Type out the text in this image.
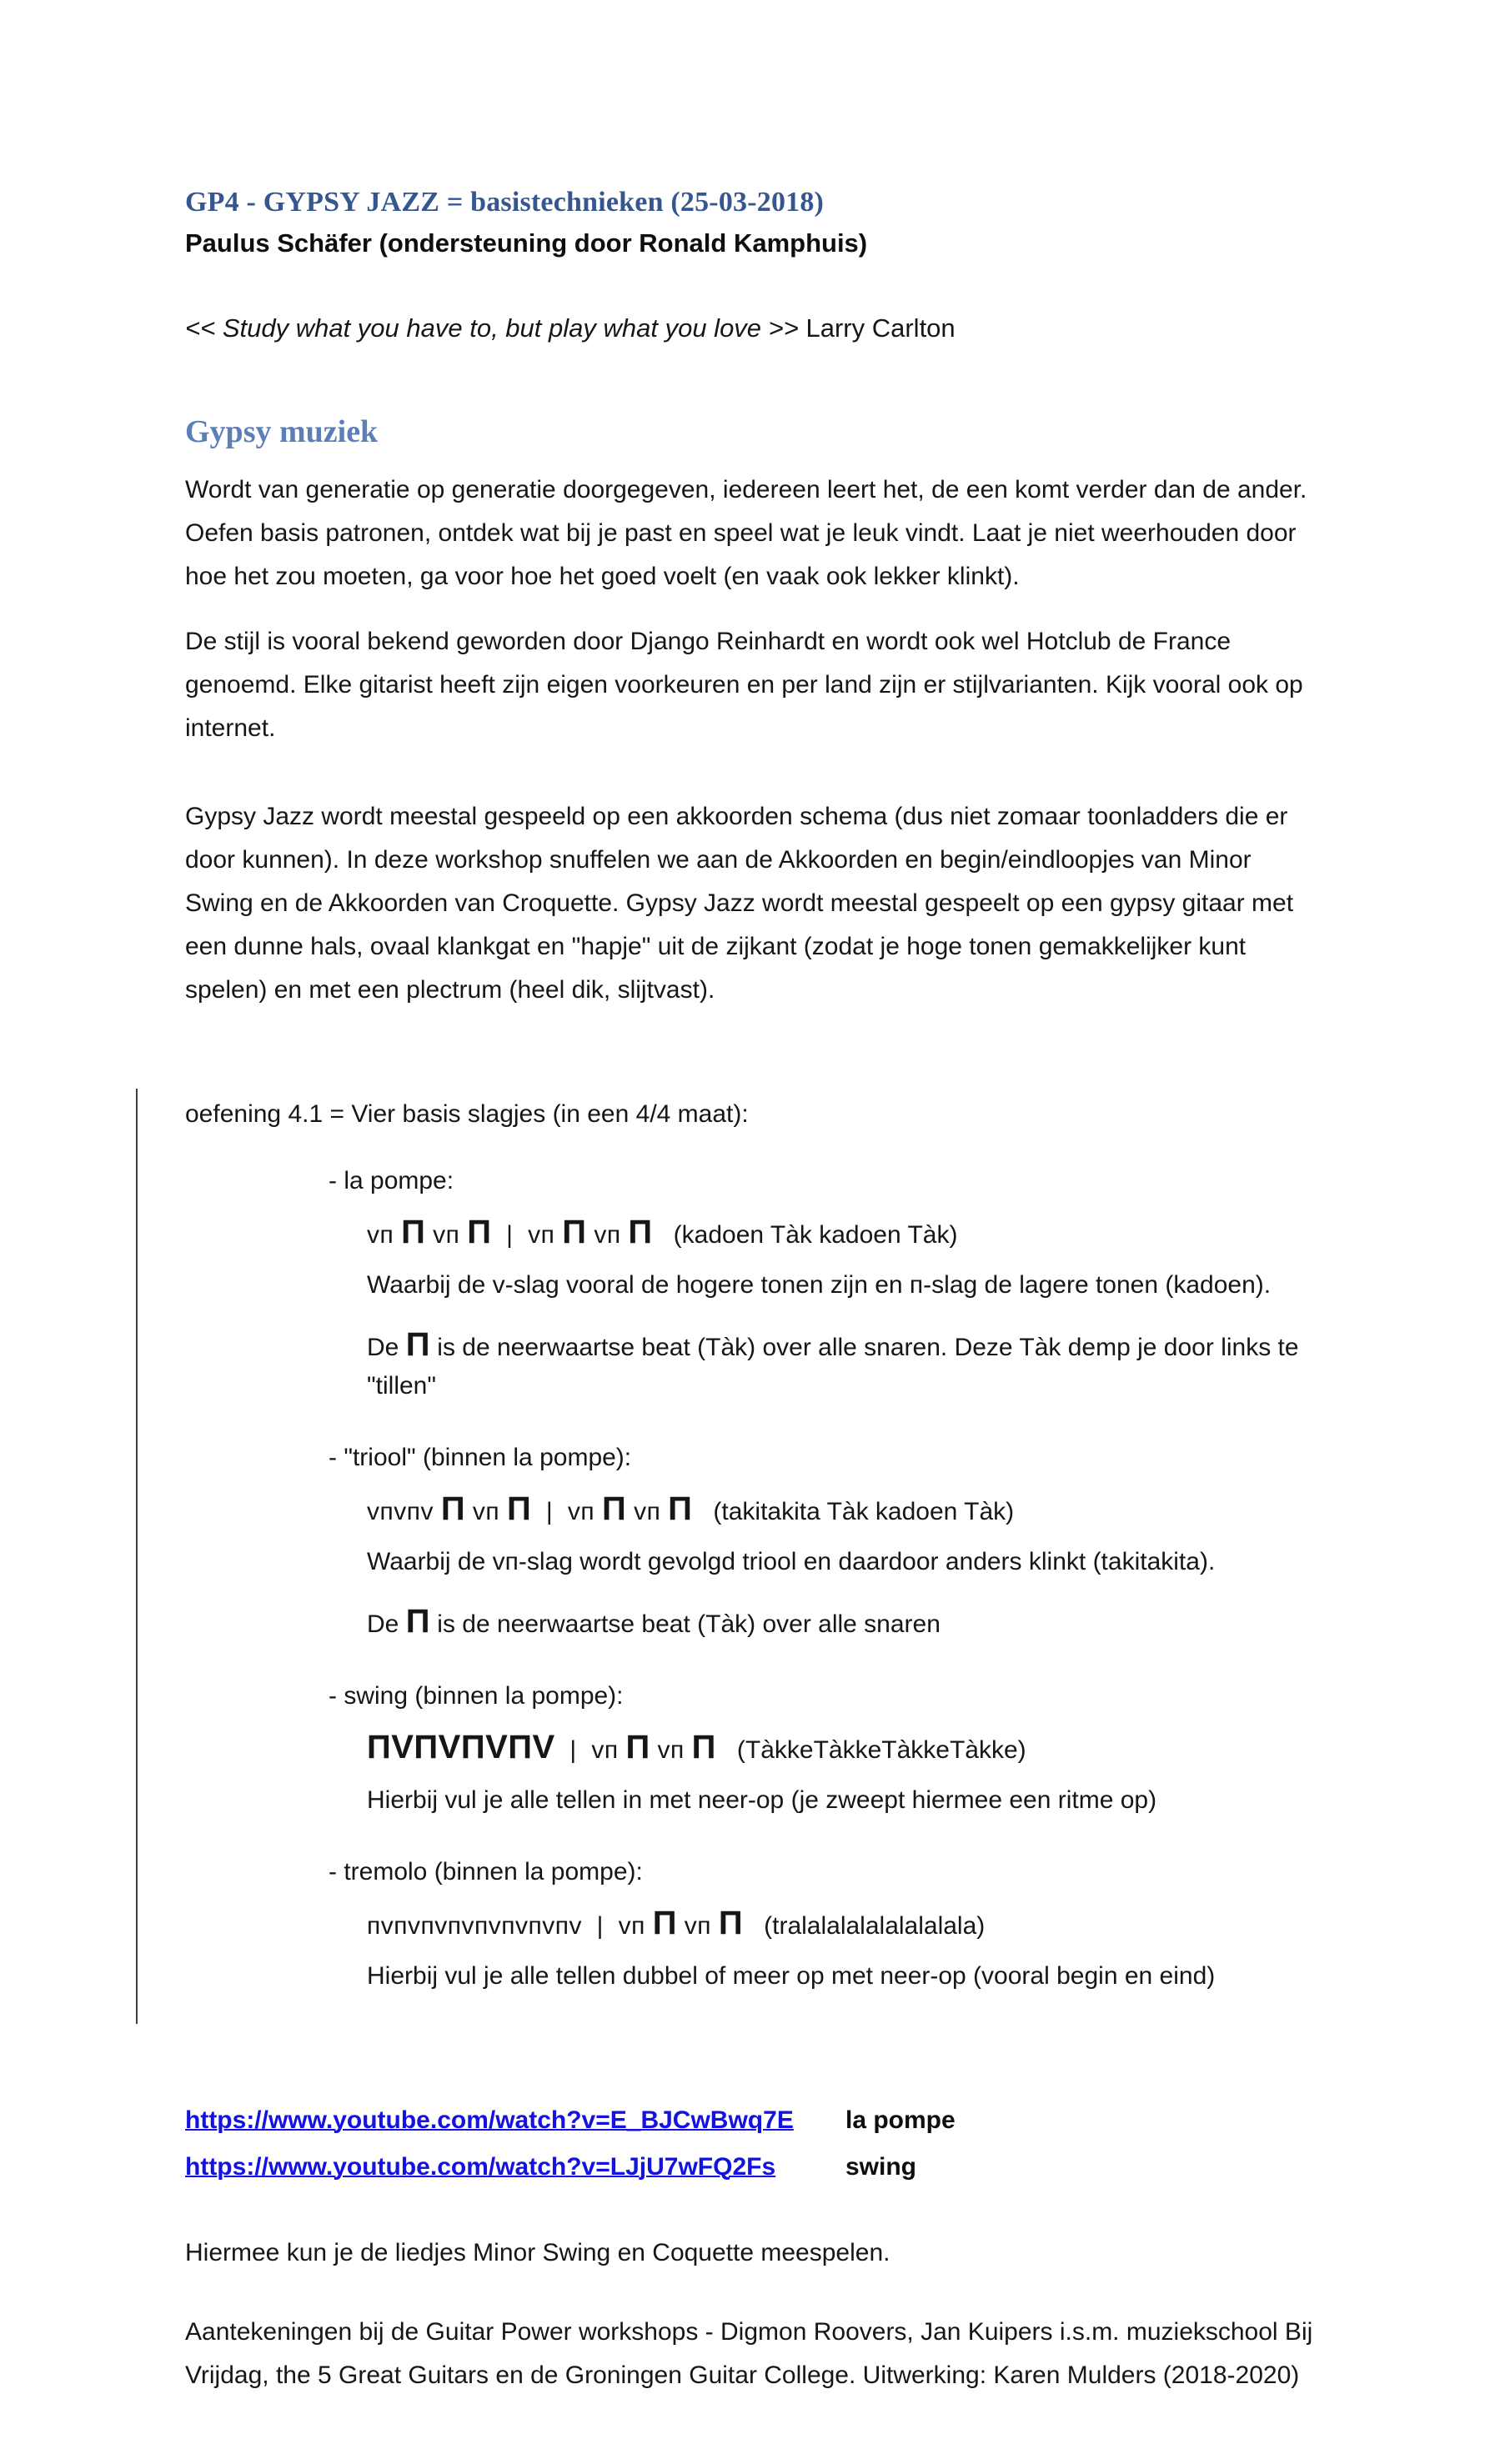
GP4 - GYPSY JAZZ = basistechnieken (25-03-2018)
Paulus Schäfer (ondersteuning door Ronald Kamphuis)
<< Study what you have to, but play what you love >> Larry Carlton
Gypsy muziek

Wordt van generatie op generatie doorgegeven, iedereen leert het, de een komt verder dan de ander. Oefen basis patronen, ontdek wat bij je past en speel wat je leuk vindt. Laat je niet weerhouden door hoe het zou moeten, ga voor hoe het goed voelt (en vaak ook lekker klinkt).

De stijl is vooral bekend geworden door Django Reinhardt en wordt ook wel Hotclub de France genoemd. Elke gitarist heeft zijn eigen voorkeuren en per land zijn er stijlvarianten. Kijk vooral ook op internet.

Gypsy Jazz wordt meestal gespeeld op een akkoorden schema (dus niet zomaar toonladders die er door kunnen). In deze workshop snuffelen we aan de Akkoorden en begin/eindloopjes van Minor Swing en de Akkoorden van Croquette. Gypsy Jazz wordt meestal gespeelt op een gypsy gitaar met een dunne hals, ovaal klankgat en "hapje" uit de zijkant (zodat je hoge tonen gemakkelijker kunt spelen) en met een plectrum (heel dik, slijtvast).

oefening 4.1 = Vier basis slagjes (in een 4/4 maat):
- la pompe:
vп П vп П  |  vп П vп П   (kadoen Tàk kadoen Tàk)
Waarbij de v-slag vooral de hogere tonen zijn en п-slag de lagere tonen (kadoen).
De П is de neerwaartse beat (Tàk) over alle snaren. Deze Tàk demp je door links te "tillen"
- "triool" (binnen la pompe):
vпvпv П vп П  |  vп П vп П   (takitakita Tàk kadoen Tàk)
Waarbij de vп-slag wordt gevolgd triool en daardoor anders klinkt (takitakita).
De П is de neerwaartse beat (Tàk) over alle snaren
- swing (binnen la pompe):
ПVПVПVПV  |  vп П vп П   (TàkkeTàkkeTàkkeTàkke)
Hierbij vul je alle tellen in met neer-op (je zweept hiermee een ritme op)
- tremolo (binnen la pompe):
пvпvпvпvпvпvпvпv  |  vп П vп П   (tralalalalalalalalala)
Hierbij vul je alle tellen dubbel of meer op met neer-op (vooral begin en eind)
https://www.youtube.com/watch?v=E_BJCwBwq7E la pompe
https://www.youtube.com/watch?v=LJjU7wFQ2Fs	swing

Hiermee kun je de liedjes Minor Swing en Coquette meespelen.

Aantekeningen bij de Guitar Power workshops - Digmon Roovers, Jan Kuipers i.s.m. muziekschool Bij Vrijdag, the 5 Great Guitars en de Groningen Guitar College. Uitwerking: Karen Mulders (2018-2020)
